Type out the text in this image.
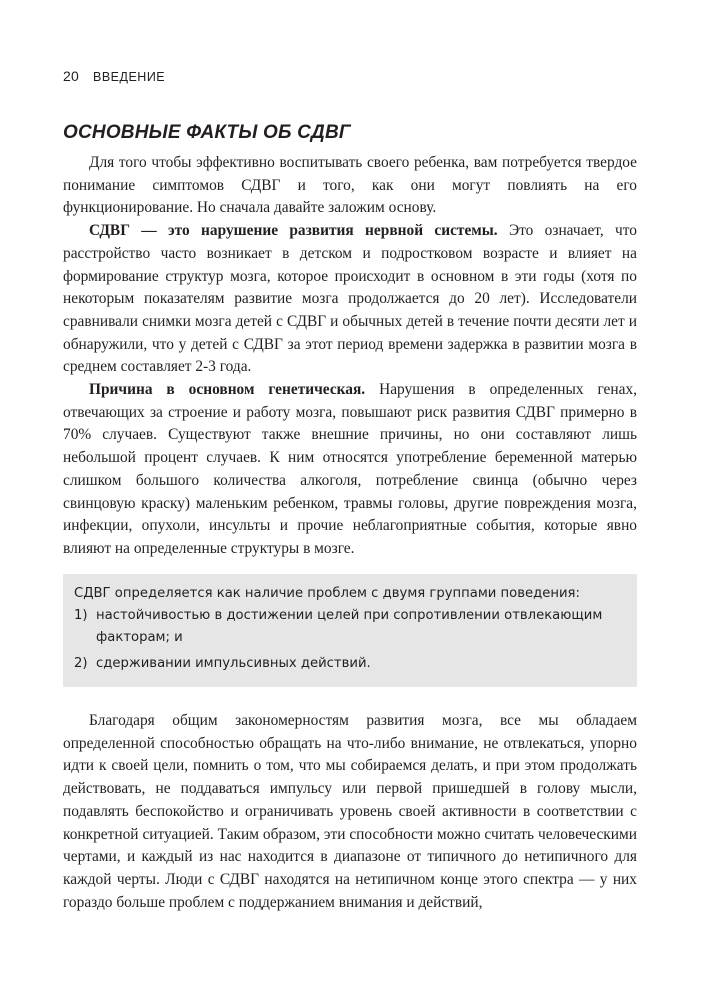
20 ВВЕДЕНИЕ
ОСНОВНЫЕ ФАКТЫ ОБ СДВГ

Для того чтобы эффективно воспитывать своего ребенка, вам потребуется твердое понимание симптомов СДВГ и того, как они могут повлиять на его функционирование. Но сначала давайте заложим основу.

СДВГ — это нарушение развития нервной системы. Это означает, что расстройство часто возникает в детском и подростковом возрасте и влияет на формирование структур мозга, которое происходит в основном в эти годы (хотя по некоторым показателям развитие мозга продолжается до 20 лет). Исследователи сравнивали снимки мозга детей с СДВГ и обычных детей в течение почти десяти лет и обнаружили, что у детей с СДВГ за этот период времени задержка в развитии мозга в среднем составляет 2-3 года.

Причина в основном генетическая. Нарушения в определенных генах, отвечающих за строение и работу мозга, повышают риск развития СДВГ примерно в 70% случаев. Существуют также внешние причины, но они составляют лишь небольшой процент случаев. К ним относятся употребление беременной матерью слишком большого количества алкоголя, потребление свинца (обычно через свинцовую краску) маленьким ребенком, травмы головы, другие повреждения мозга, инфекции, опухоли, инсульты и прочие неблагоприятные события, которые явно влияют на определенные структуры в мозге.

СДВГ определяется как наличие проблем с двумя группами поведения:

1) настойчивостью в достижении целей при сопротивлении отвлекающим факторам; и
2) сдерживании импульсивных действий.

Благодаря общим закономерностям развития мозга, все мы обладаем определенной способностью обращать на что-либо внимание, не отвлекаться, упорно идти к своей цели, помнить о том, что мы собираемся делать, и при этом продолжать действовать, не поддаваться импульсу или первой пришедшей в голову мысли, подавлять беспокойство и ограничивать уровень своей активности в соответствии с конкретной ситуацией. Таким образом, эти способности можно считать человеческими чертами, и каждый из нас находится в диапазоне от типичного до нетипичного для каждой черты. Люди с СДВГ находятся на нетипичном конце этого спектра — у них гораздо больше проблем с поддержанием внимания и действий,
